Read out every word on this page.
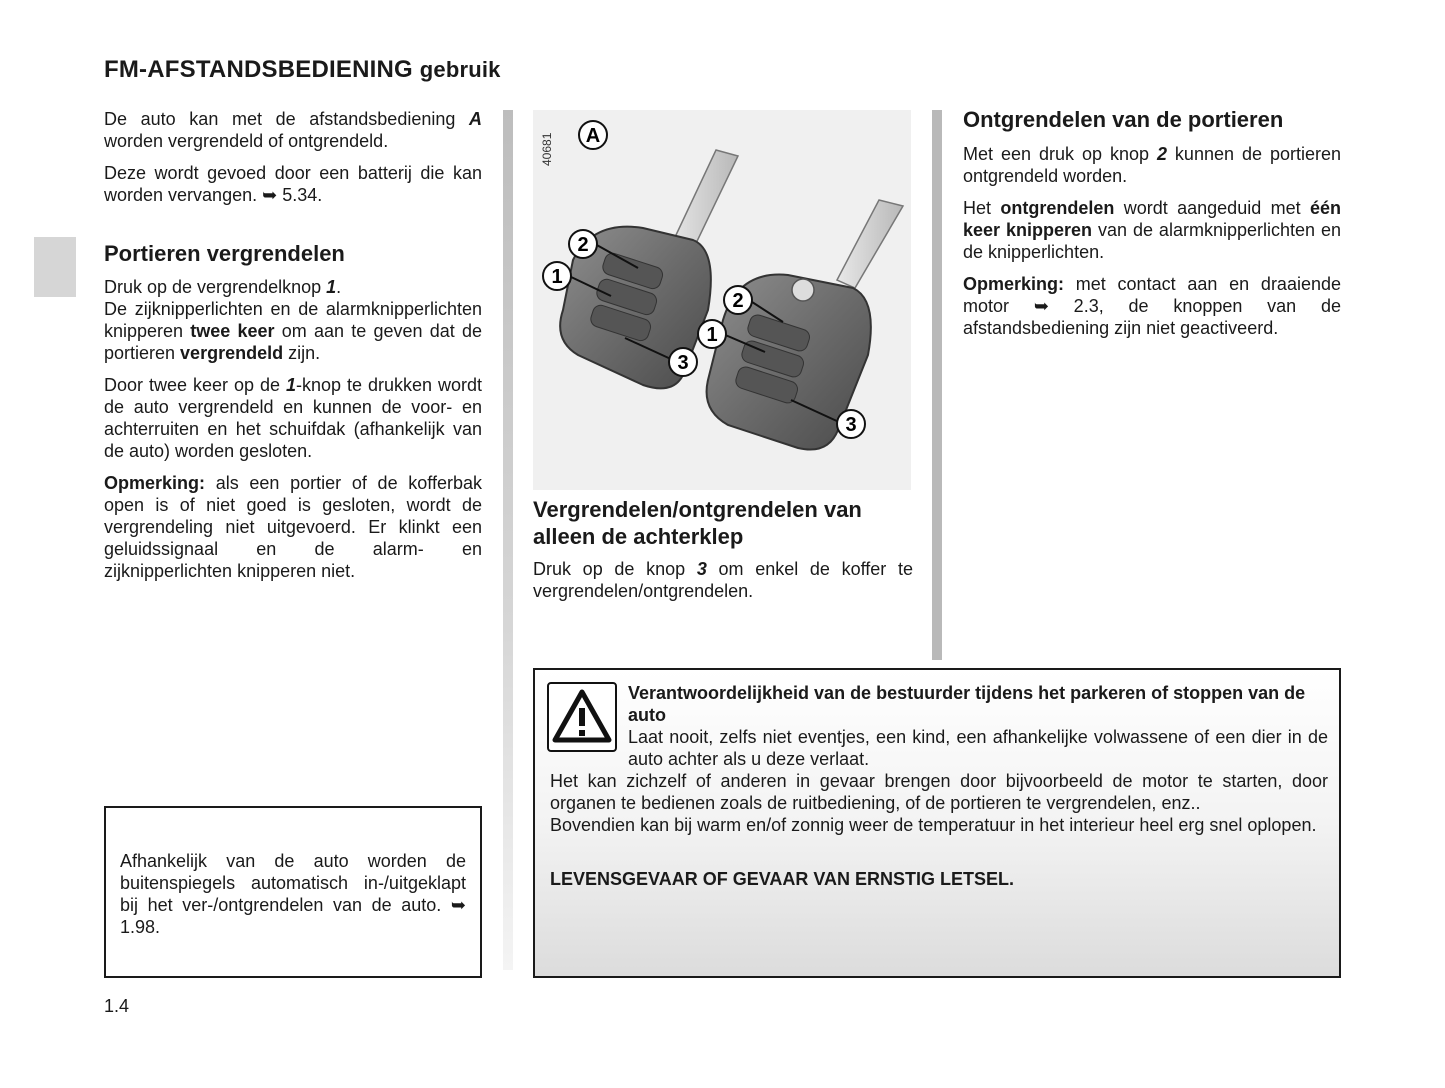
FM-AFSTANDSBEDIENING gebruik

De auto kan met de afstandsbediening A worden vergrendeld of ontgrendeld.

Deze wordt gevoed door een batterij die kan worden vervangen. ➥ 5.34.

Portieren vergrendelen

Druk op de vergrendelknop 1.
De zijknipperlichten en de alarmknipperlichten knipperen twee keer om aan te geven dat de portieren vergrendeld zijn.

Door twee keer op de 1-knop te drukken wordt de auto vergrendeld en kunnen de voor- en achterruiten en het schuifdak (afhankelijk van de auto) worden gesloten.

Opmerking: als een portier of de kofferbak open is of niet goed is gesloten, wordt de vergrendeling niet uitgevoerd. Er klinkt een geluidssignaal en de alarm- en zijknipperlichten knipperen niet.

Afhankelijk van de auto worden de buitenspiegels automatisch in-/uitgeklapt bij het ver-/ontgrendelen van de auto. ➥ 1.98.

40681 A
2
1
3
2
1
3
Vergrendelen/ontgrendelen van alleen de achterklep

Druk op de knop 3 om enkel de koffer te vergrendelen/ontgrendelen.

Ontgrendelen van de portieren

Met een druk op knop 2 kunnen de portieren ontgrendeld worden.

Het ontgrendelen wordt aangeduid met één keer knipperen van de alarmknipperlichten en de knipperlichten.

Opmerking: met contact aan en draaiende motor ➥ 2.3, de knoppen van de afstandsbediening zijn niet geactiveerd.

Verantwoordelijkheid van de bestuurder tijdens het parkeren of stoppen van de auto

Laat nooit, zelfs niet eventjes, een kind, een afhankelijke volwassene of een dier in de auto achter als u deze verlaat.

Het kan zichzelf of anderen in gevaar brengen door bijvoorbeeld de motor te starten, door organen te bedienen zoals de ruitbediening, of de portieren te vergrendelen, enz..

Bovendien kan bij warm en/of zonnig weer de temperatuur in het interieur heel erg snel oplopen.

LEVENSGEVAAR OF GEVAAR VAN ERNSTIG LETSEL.

1.4
